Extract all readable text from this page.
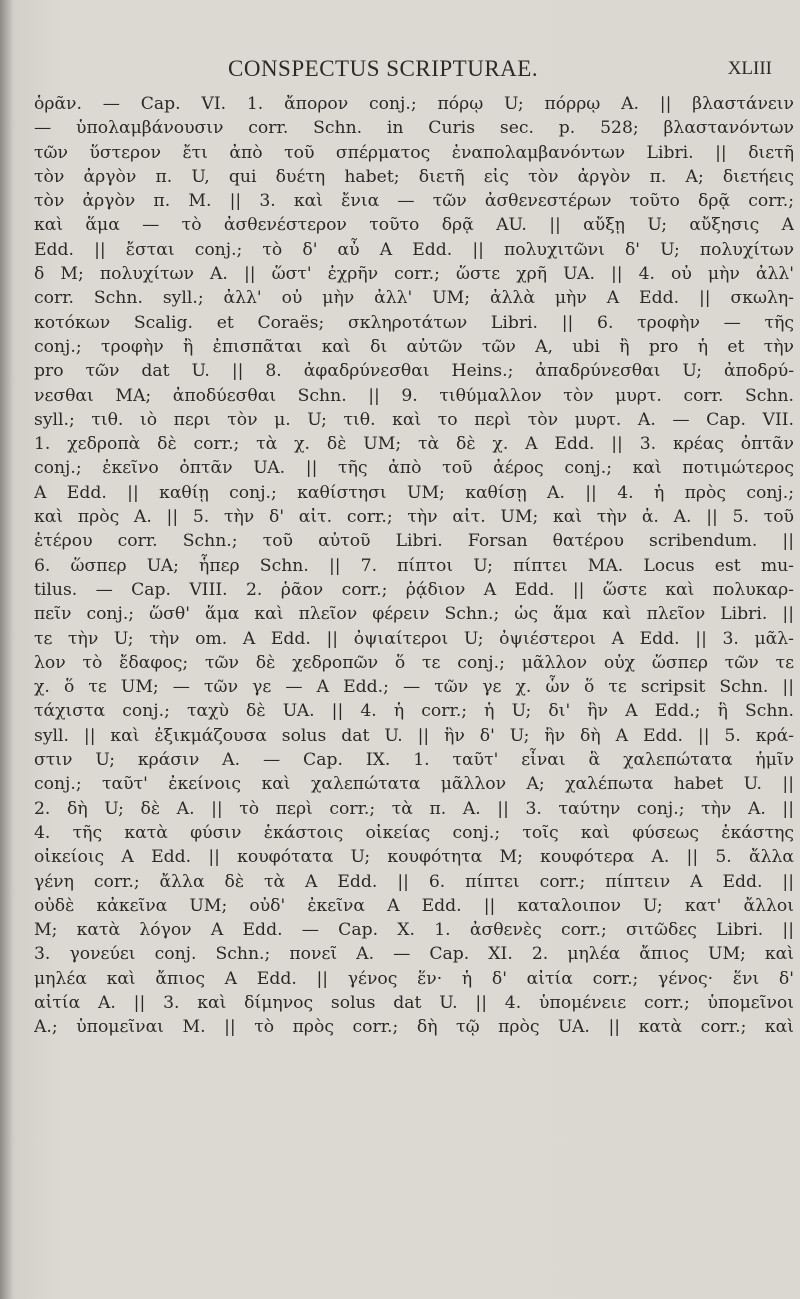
CONSPECTUS SCRIPTURAE.	XLIII
ὁρᾶν. — Cap. VI. 1. ἄπορον conj.; πόρῳ U; πόρρῳ A. || βλαστάνειν
— ὑπολαμβάνουσιν corr. Schn. in Curis sec. p. 528; βλαστανόντων
τῶν ὕστερον ἔτι ἀπὸ τοῦ σπέρματος ἐναπολαμβανόντων Libri. || διετῆ
τὸν ἀργὸν π. U, qui δυέτη habet; διετῆ εἰς τὸν ἀργὸν π. A; διετήεις
τὸν ἀργὸν π. M. || 3. καὶ ἔνια — τῶν ἀσθενεστέρων τοῦτο δρᾷ corr.;
καὶ ἅμα — τὸ ἀσθενέστερον τοῦτο δρᾷ AU. || αὔξῃ U; αὔξησις A
Edd. || ἔσται conj.; τὸ δ' αὖ A Edd. || πολυχιτῶνι δ' U; πολυχίτων
δ M; πολυχίτων A. || ὥστ' ἐχρῆν corr.; ὥστε χρῆ UA. || 4. οὐ μὴν ἀλλ'
corr. Schn. syll.; ἀλλ' οὐ μὴν ἀλλ' UM; ἀλλὰ μὴν A Edd. || σκωλη-
κοτόκων Scalig. et Coraës; σκληροτάτων Libri. || 6. τροφὴν — τῆς
conj.; τροφὴν ἢ ἐπισπᾶται καὶ δι αὐτῶν τῶν A, ubi ἢ pro ἡ et τὴν
pro τῶν dat U. || 8. ἀφαδρύνεσθαι Heins.; ἀπαδρύνεσθαι U; ἀποδρύ-
νεσθαι MA; ἀποδύεσθαι Schn. || 9. τιθύμαλλον τὸν μυρτ. corr. Schn.
syll.; τιθ. ιὸ περι τὸν μ. U; τιθ. καὶ το περὶ τὸν μυρτ. A. — Cap. VII.
1. χεδροπὰ δὲ corr.; τὰ χ. δὲ UM; τὰ δὲ χ. A Edd. || 3. κρέας ὀπτᾶν
conj.; ἐκεῖνο ὀπτᾶν UA. || τῆς ἀπὸ τοῦ ἀέρος conj.; καὶ ποτιμώτερος
A Edd. || καθίῃ conj.; καθίστησι UM; καθίσῃ A. || 4. ἡ πρὸς conj.;
καὶ πρὸς A. || 5. τὴν δ' αἰτ. corr.; τὴν αἰτ. UM; καὶ τὴν ἀ. A. || 5. τοῦ
ἑτέρου corr. Schn.; τοῦ αὐτοῦ Libri. Forsan θατέρου scribendum. ||
6. ὥσπερ UA; ἧπερ Schn. || 7. πίπτοι U; πίπτει MA. Locus est mu-
tilus. — Cap. VIII. 2. ῥᾶον corr.; ῥᾴδιον A Edd. || ὥστε καὶ πολυκαρ-
πεῖν conj.; ὥσθ' ἅμα καὶ πλεῖον φέρειν Schn.; ὡς ἅμα καὶ πλεῖον Libri. ||
τε τὴν U; τὴν om. A Edd. || ὀψιαίτεροι U; ὀψιέστεροι A Edd. || 3. μᾶλ-
λον τὸ ἔδαφος; τῶν δὲ χεδροπῶν ὅ τε conj.; μᾶλλον οὐχ ὥσπερ τῶν τε
χ. ὅ τε UM; — τῶν γε — A Edd.; — τῶν γε χ. ὧν ὅ τε scripsit Schn. ||
τάχιστα conj.; ταχὺ δὲ UA. || 4. ἡ corr.; ἡ U; δι' ἣν A Edd.; ἣ Schn.
syll. || καὶ ἐξικμάζουσα solus dat U. || ἣν δ' U; ἣν δὴ A Edd. || 5. κρά-
στιν U; κράσιν A. — Cap. IX. 1. ταῦτ' εἶναι ἃ χαλεπώτατα ἡμῖν
conj.; ταῦτ' ἐκείνοις καὶ χαλεπώτατα μᾶλλον A; χαλέπωτα habet U. ||
2. δὴ U; δὲ A. || τὸ περὶ corr.; τὰ π. A. || 3. ταύτην conj.; τὴν A. ||
4. τῆς κατὰ φύσιν ἑκάστοις οἰκείας conj.; τοῖς καὶ φύσεως ἑκάστης
οἰκείοις A Edd. || κουφότατα U; κουφότητα M; κουφότερα A. || 5. ἄλλα
γένη corr.; ἄλλα δὲ τὰ A Edd. || 6. πίπτει corr.; πίπτειν A Edd. ||
οὐδὲ κἀκεῖνα UM; οὐδ' ἐκεῖνα A Edd. || καταλοιπον U; κατ' ἄλλοι
M; κατὰ λόγον A Edd. — Cap. X. 1. ἀσθενὲς corr.; σιτῶδες Libri. ||
3. γονεύει conj. Schn.; πονεῖ A. — Cap. XI. 2. μηλέα ἄπιος UM; καὶ
μηλέα καὶ ἄπιος A Edd. || γένος ἕν· ἡ δ' αἰτία corr.; γένος· ἕνι δ'
αἰτία A. || 3. καὶ δίμηνος solus dat U. || 4. ὑπομένειε corr.; ὑπομεῖνοι
A.; ὑπομεῖναι M. || τὸ πρὸς corr.; δὴ τῷ πρὸς UA. || κατὰ corr.; καὶ
